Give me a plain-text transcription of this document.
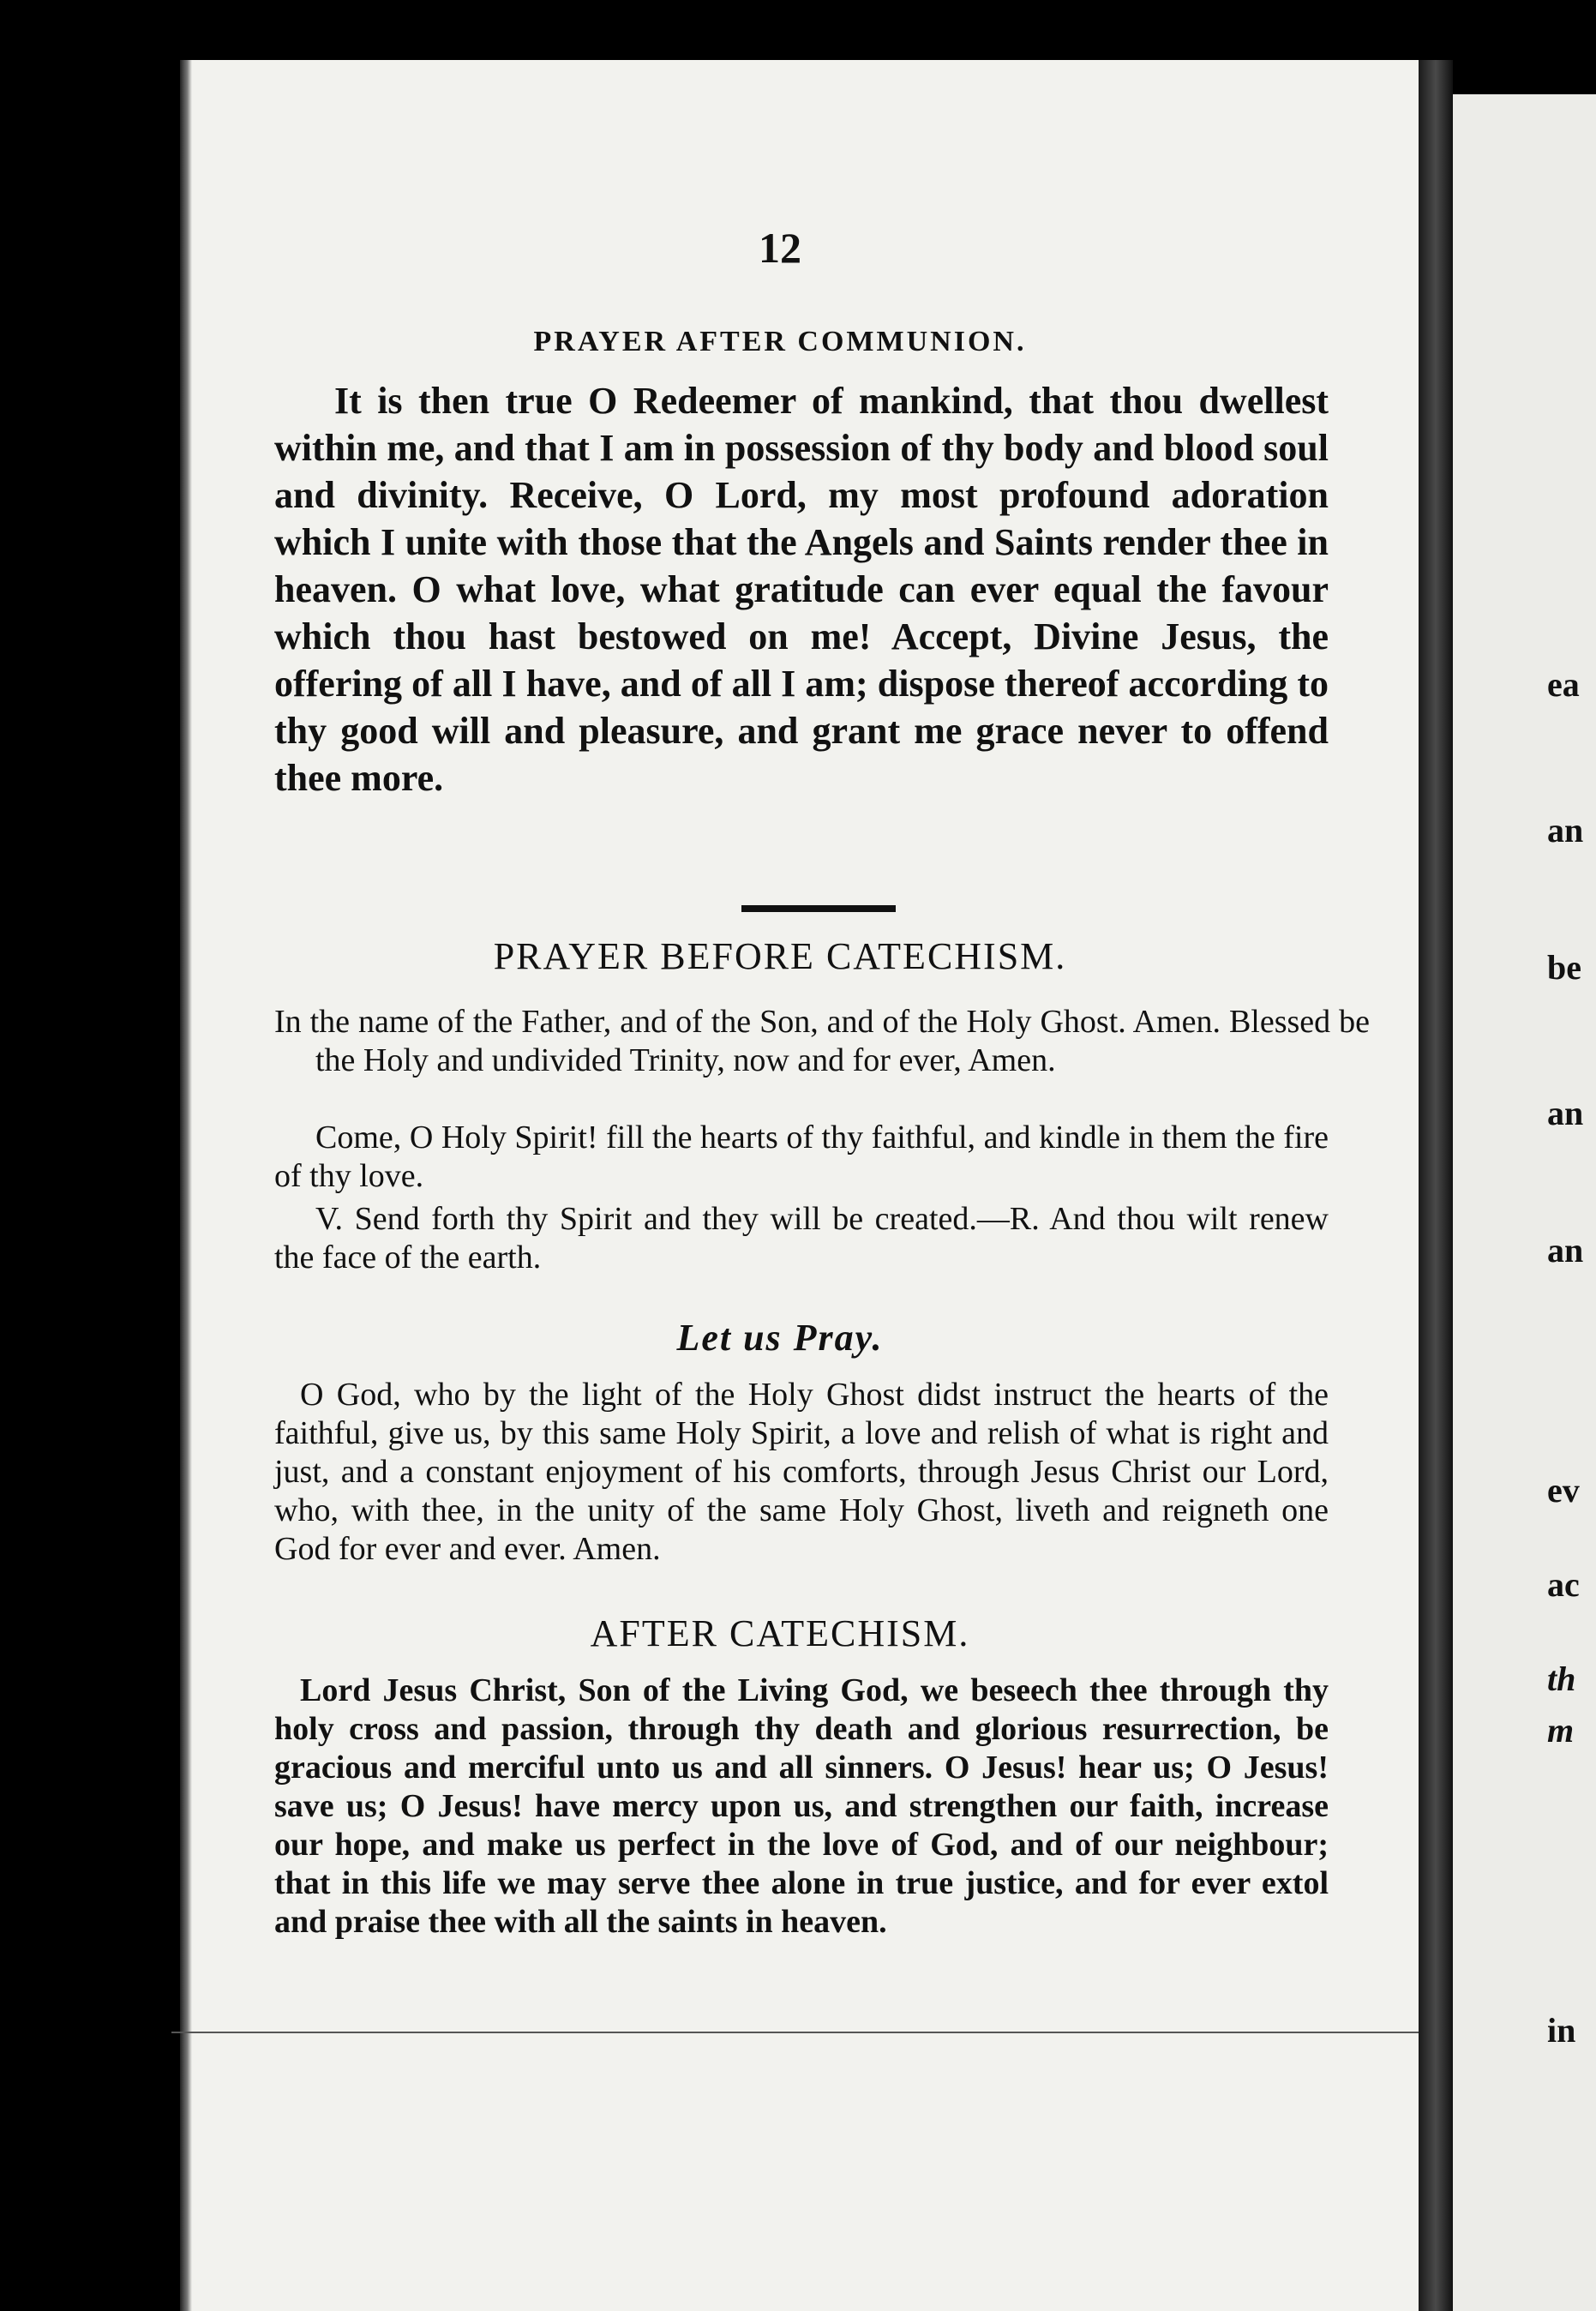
12
PRAYER AFTER COMMUNION.

It is then true O Redeemer of mankind, that thou dwellest within me, and that I am in possession of thy body and blood soul and divinity. Receive, O Lord, my most profound adoration which I unite with those that the Angels and Saints render thee in heaven. O what love, what gratitude can ever equal the favour which thou hast bestowed on me! Accept, Divine Jesus, the offering of all I have, and of all I am; dispose thereof according to thy good will and pleasure, and grant me grace never to offend thee more.

PRAYER BEFORE CATECHISM.

In the name of the Father, and of the Son, and of the Holy Ghost. Amen. Blessed be the Holy and undivided Trinity, now and for ever, Amen.

Come, O Holy Spirit! fill the hearts of thy faithful, and kindle in them the fire of thy love.

V. Send forth thy Spirit and they will be created.—R. And thou wilt renew the face of the earth.

Let us Pray.

O God, who by the light of the Holy Ghost didst instruct the hearts of the faithful, give us, by this same Holy Spirit, a love and relish of what is right and just, and a constant enjoyment of his comforts, through Jesus Christ our Lord, who, with thee, in the unity of the same Holy Ghost, liveth and reigneth one God for ever and ever. Amen.

AFTER CATECHISM.

Lord Jesus Christ, Son of the Living God, we beseech thee through thy holy cross and passion, through thy death and glorious resurrection, be gracious and merciful unto us and all sinners. O Jesus! hear us; O Jesus! save us; O Jesus! have mercy upon us, and strengthen our faith, increase our hope, and make us perfect in the love of God, and of our neighbour; that in this life we may serve thee alone in true justice, and for ever extol and praise thee with all the saints in heaven.

ea
an
be
an
an
ev
ac
th
m
in
